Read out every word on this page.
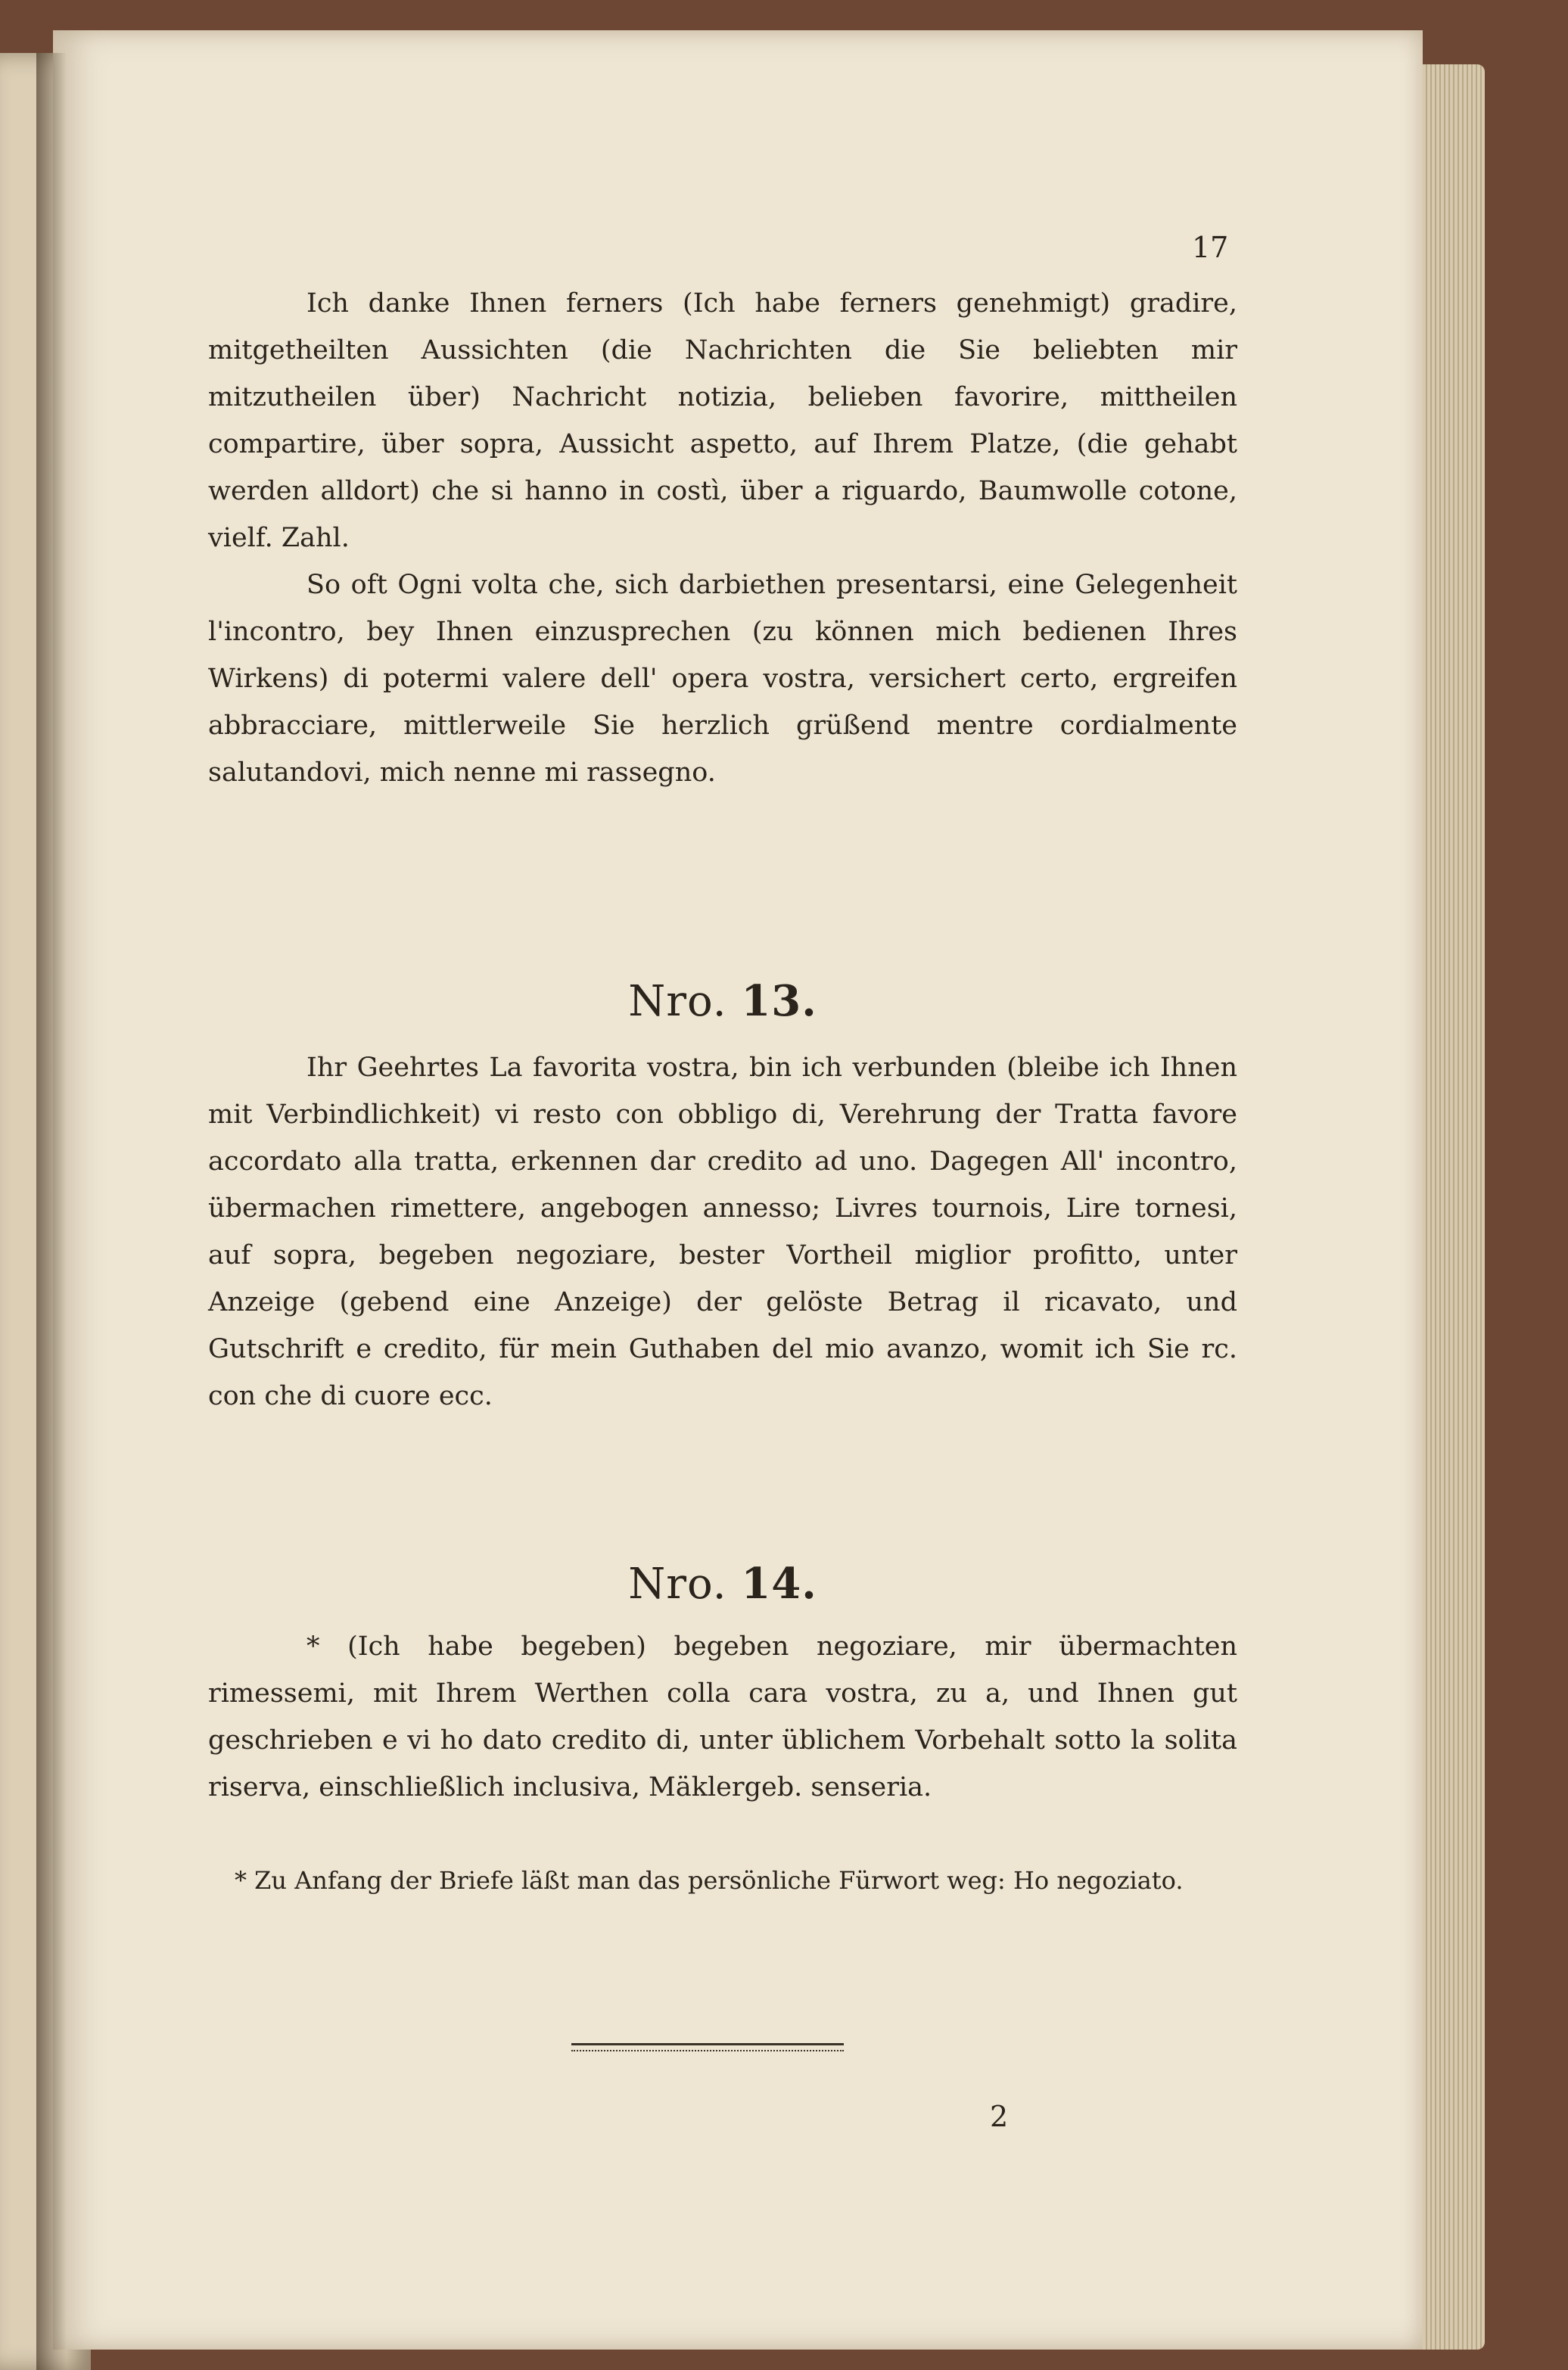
17

Ich danke Ihnen ferners (Ich habe ferners genehmigt) gradire, mitgetheilten Aussichten (die Nachrichten die Sie beliebten mir mitzutheilen über) Nachricht notizia, belieben favorire, mittheilen compartire, über sopra, Aussicht aspetto, auf Ihrem Platze, (die gehabt werden alldort) che si hanno in costì, über a riguardo, Baumwolle cotone, vielf. Zahl.

So oft Ogni volta che, sich darbiethen presentarsi, eine Gelegenheit l'incontro, bey Ihnen einzusprechen (zu können mich bedienen Ihres Wirkens) di potermi valere dell' opera vostra, versichert certo, ergreifen abbracciare, mittlerweile Sie herzlich grüßend mentre cordialmente salutandovi, mich nenne mi rassegno.

Nro. 13.

Ihr Geehrtes La favorita vostra, bin ich verbunden (bleibe ich Ihnen mit Verbindlichkeit) vi resto con obbligo di, Verehrung der Tratta favore accordato alla tratta, erkennen dar credito ad uno. Dagegen All' incontro, übermachen rimettere, angebogen annesso; Livres tournois, Lire tornesi, auf sopra, begeben negoziare, bester Vortheil miglior profitto, unter Anzeige (gebend eine Anzeige) der gelöste Betrag il ricavato, und Gutschrift e credito, für mein Guthaben del mio avanzo, womit ich Sie rc. con che di cuore ecc.

Nro. 14.

* (Ich habe begeben) begeben negoziare, mir übermachten rimessemi, mit Ihrem Werthen colla cara vostra, zu a, und Ihnen gut geschrieben e vi ho dato credito di, unter üblichem Vorbehalt sotto la solita riserva, einschließlich inclusiva, Mäklergeb. senseria.

* Zu Anfang der Briefe läßt man das persönliche Fürwort weg: Ho negoziato.
2
